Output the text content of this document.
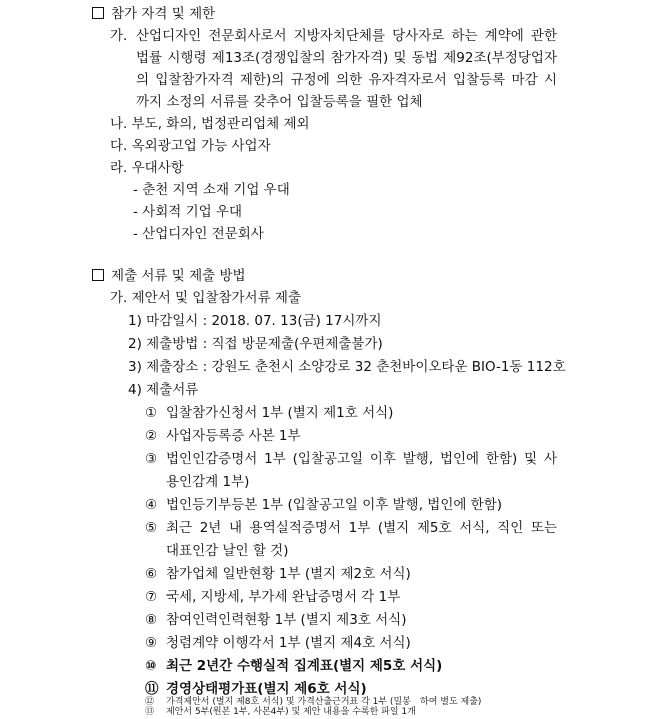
참가 자격 및 제한
가. 산업디자인 전문회사로서 지방자치단체를 당사자로 하는 계약에 관한
법률 시행령 제13조(경쟁입찰의 참가자격) 및 동법 제92조(부정당업자
의 입찰참가자격 제한)의 규정에 의한 유자격자로서 입찰등록 마감 시
까지 소정의 서류를 갖추어 입찰등록을 필한 업체
나. 부도, 화의, 법정관리업체 제외
다. 옥외광고업 가능 사업자
라. 우대사항
- 춘천 지역 소재 기업 우대
- 사회적 기업 우대
- 산업디자인 전문회사
제출 서류 및 제출 방법
가. 제안서 및 입찰참가서류 제출
1) 마감일시 : 2018. 07. 13(금) 17시까지
2) 제출방법 : 직접 방문제출(우편제출불가)
3) 제출장소 : 강원도 춘천시 소양강로 32 춘천바이오타운 BIO-1동 112호
4) 제출서류
① 입찰참가신청서 1부 (별지 제1호 서식)
② 사업자등록증 사본 1부
③ 법인인감증명서 1부 (입찰공고일 이후 발행, 법인에 한함) 및 사
용인감계 1부)
④ 법인등기부등본 1부 (입찰공고일 이후 발행, 법인에 한함)
⑤ 최근 2년 내 용역실적증명서 1부 (별지 제5호 서식, 직인 또는
대표인감 날인 할 것)
⑥ 참가업체 일반현황 1부 (별지 제2호 서식)
⑦ 국세, 지방세, 부가세 완납증명서 각 1부
⑧ 참여인력인력현황 1부 (별지 제3호 서식)
⑨ 청렴계약 이행각서 1부 (별지 제4호 서식)
⑩ 최근 2년간 수행실적 집계표(별지 제5호 서식)
⑪ 경영상태평가표(별지 제6호 서식)
⑫ 가격제안서 (별지 제8호 서식) 및 가격산출근거표 각 1부 (밀봉 하여 별도 제출)
⑬ 제안서 5부(원본 1부, 사본4부) 및 제안 내용을 수록한 파일 1개
